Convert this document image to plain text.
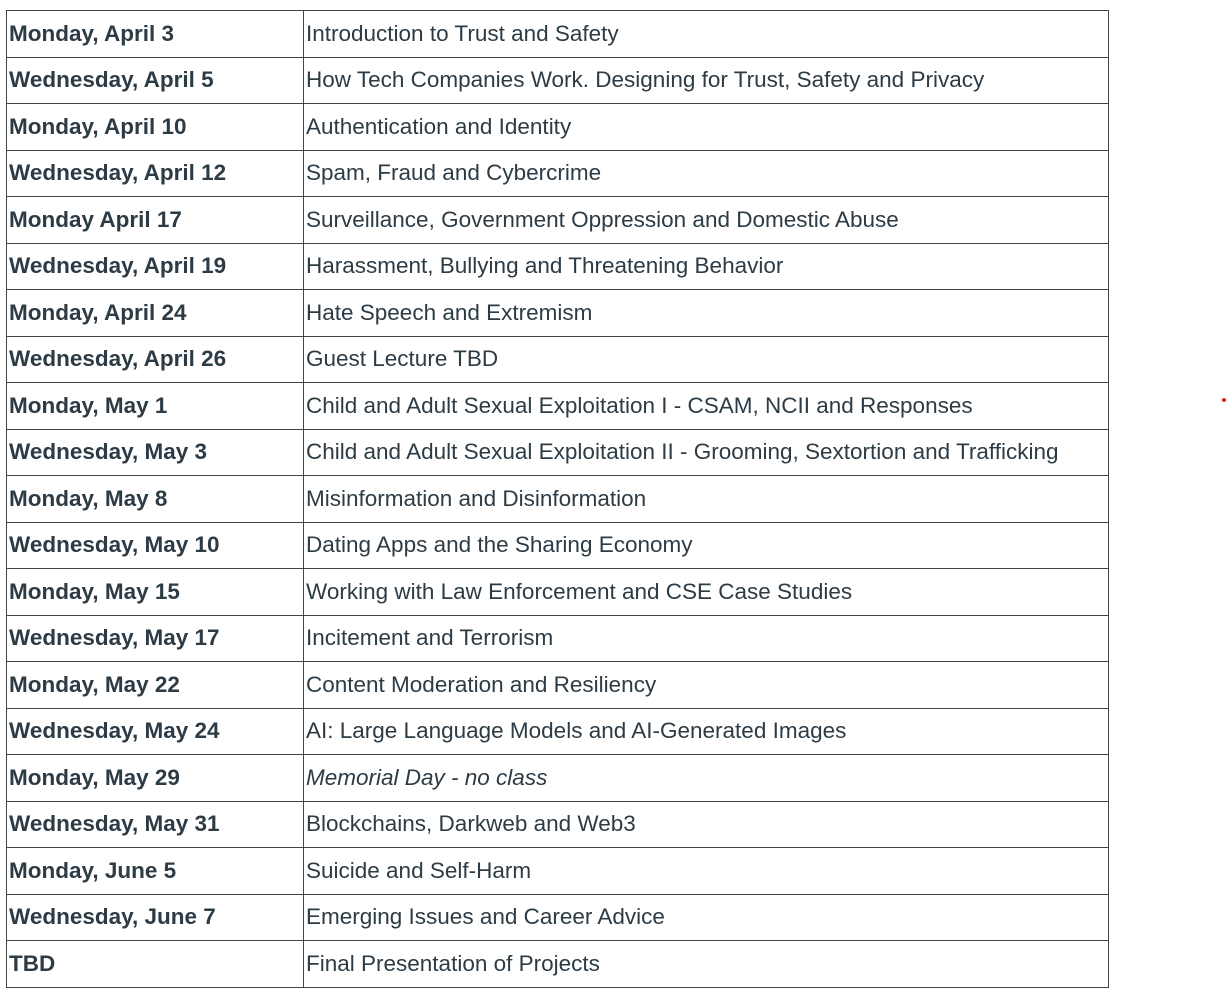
Monday, April 3	Introduction to Trust and Safety
Wednesday, April 5	How Tech Companies Work. Designing for Trust, Safety and Privacy
Monday, April 10	Authentication and Identity
Wednesday, April 12	Spam, Fraud and Cybercrime
Monday April 17	Surveillance, Government Oppression and Domestic Abuse
Wednesday, April 19	Harassment, Bullying and Threatening Behavior
Monday, April 24	Hate Speech and Extremism
Wednesday, April 26	Guest Lecture TBD
Monday, May 1	Child and Adult Sexual Exploitation I - CSAM, NCII and Responses
Wednesday, May 3	Child and Adult Sexual Exploitation II - Grooming, Sextortion and Trafficking
Monday, May 8	Misinformation and Disinformation
Wednesday, May 10	Dating Apps and the Sharing Economy
Monday, May 15	Working with Law Enforcement and CSE Case Studies
Wednesday, May 17	Incitement and Terrorism
Monday, May 22	Content Moderation and Resiliency
Wednesday, May 24	AI: Large Language Models and AI-Generated Images
Monday, May 29	Memorial Day - no class
Wednesday, May 31	Blockchains, Darkweb and Web3
Monday, June 5	Suicide and Self-Harm
Wednesday, June 7	Emerging Issues and Career Advice
TBD	Final Presentation of Projects
